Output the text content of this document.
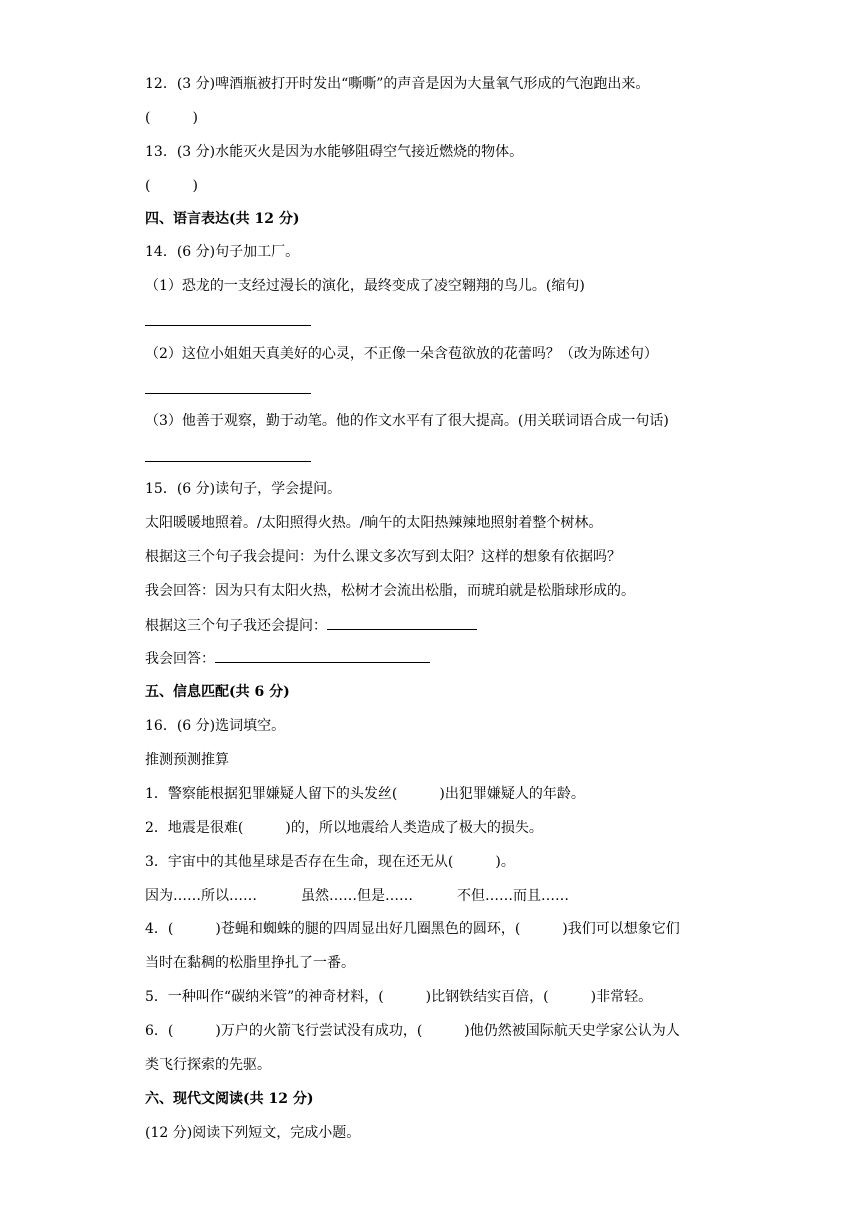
12．(3 分)啤酒瓶被打开时发出“嘶嘶”的声音是因为大量氧气形成的气泡跑出来。
(　　　)
13．(3 分)水能灭火是因为水能够阻碍空气接近燃烧的物体。
(　　　)
四、语言表达(共 12 分)
14．(6 分)句子加工厂。
（1）恐龙的一支经过漫长的演化，最终变成了凌空翱翔的鸟儿。(缩句)
（2）这位小姐姐天真美好的心灵，不正像一朵含苞欲放的花蕾吗？（改为陈述句）
（3）他善于观察，勤于动笔。他的作文水平有了很大提高。(用关联词语合成一句话)
15．(6 分)读句子，学会提问。
太阳暖暖地照着。/太阳照得火热。/晌午的太阳热辣辣地照射着整个树林。
根据这三个句子我会提问：为什么课文多次写到太阳？这样的想象有依据吗？
我会回答：因为只有太阳火热，松树才会流出松脂，而琥珀就是松脂球形成的。
根据这三个句子我还会提问：
我会回答：
五、信息匹配(共 6 分)
16．(6 分)选词填空。
推测预测推算
1．警察能根据犯罪嫌疑人留下的头发丝(　　　)出犯罪嫌疑人的年龄。
2．地震是很难(　　　)的，所以地震给人类造成了极大的损失。
3．宇宙中的其他星球是否存在生命，现在还无从(　　　)。
因为……所以……	虽然……但是……	不但……而且……
4．(　　　)苍蝇和蜘蛛的腿的四周显出好几圈黑色的圆环，(　　　)我们可以想象它们
当时在黏稠的松脂里挣扎了一番。
5．一种叫作“碳纳米管”的神奇材料，(　　　)比钢铁结实百倍，(　　　)非常轻。
6．(　　　)万户的火箭飞行尝试没有成功，(　　　)他仍然被国际航天史学家公认为人
类飞行探索的先驱。
六、现代文阅读(共 12 分)
(12 分)阅读下列短文，完成小题。
